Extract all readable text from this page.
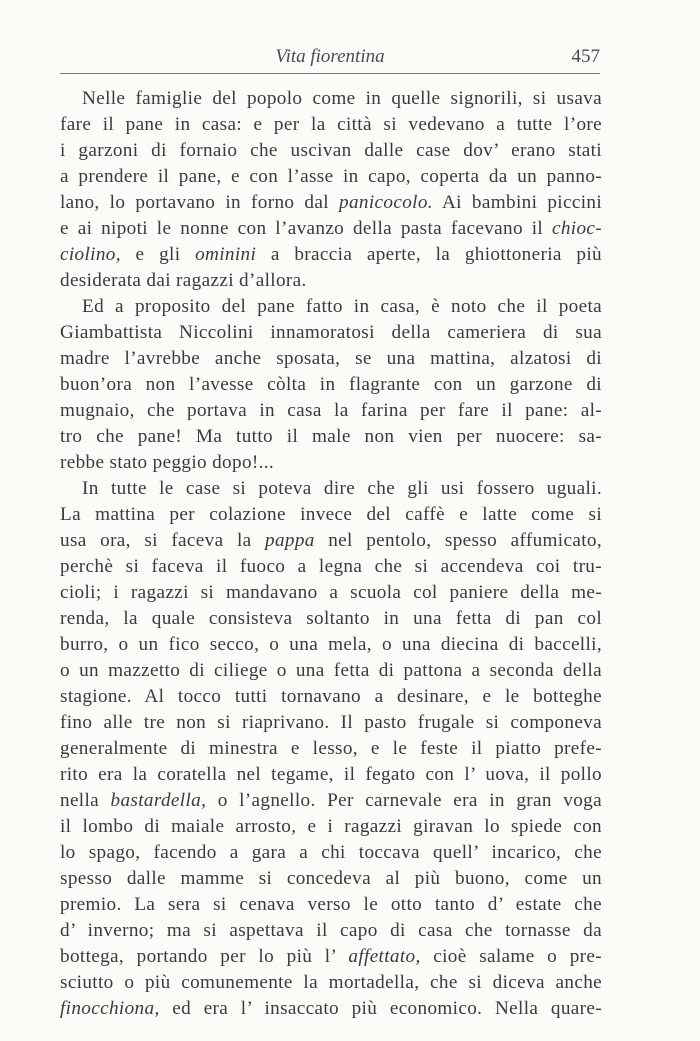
Vita fiorentina	457
Nelle famiglie del popolo come in quelle signorili, si usava
fare il pane in casa: e per la città si vedevano a tutte l’ore
i garzoni di fornaio che uscivan dalle case dov’ erano stati
a prendere il pane, e con l’asse in capo, coperta da un panno-
lano, lo portavano in forno dal panicocolo. Ai bambini piccini
e ai nipoti le nonne con l’avanzo della pasta facevano il chioc-
ciolino, e gli ominini a braccia aperte, la ghiottoneria più
desiderata dai ragazzi d’allora.
Ed a proposito del pane fatto in casa, è noto che il poeta
Giambattista Niccolini innamoratosi della cameriera di sua
madre l’avrebbe anche sposata, se una mattina, alzatosi di
buon’ora non l’avesse còlta in flagrante con un garzone di
mugnaio, che portava in casa la farina per fare il pane: al-
tro che pane! Ma tutto il male non vien per nuocere: sa-
rebbe stato peggio dopo!...
In tutte le case si poteva dire che gli usi fossero uguali.
La mattina per colazione invece del caffè e latte come si
usa ora, si faceva la pappa nel pentolo, spesso affumicato,
perchè si faceva il fuoco a legna che si accendeva coi tru-
cioli; i ragazzi si mandavano a scuola col paniere della me-
renda, la quale consisteva soltanto in una fetta di pan col
burro, o un fico secco, o una mela, o una diecina di baccelli,
o un mazzetto di ciliege o una fetta di pattona a seconda della
stagione. Al tocco tutti tornavano a desinare, e le botteghe
fino alle tre non si riaprivano. Il pasto frugale si componeva
generalmente di minestra e lesso, e le feste il piatto prefe-
rito era la coratella nel tegame, il fegato con l’ uova, il pollo
nella bastardella, o l’agnello. Per carnevale era in gran voga
il lombo di maiale arrosto, e i ragazzi giravan lo spiede con
lo spago, facendo a gara a chi toccava quell’ incarico, che
spesso dalle mamme si concedeva al più buono, come un
premio. La sera si cenava verso le otto tanto d’ estate che
d’ inverno; ma si aspettava il capo di casa che tornasse da
bottega, portando per lo più l’ affettato, cioè salame o pre-
sciutto o più comunemente la mortadella, che si diceva anche
finocchiona, ed era l’ insaccato più economico. Nella quare-
